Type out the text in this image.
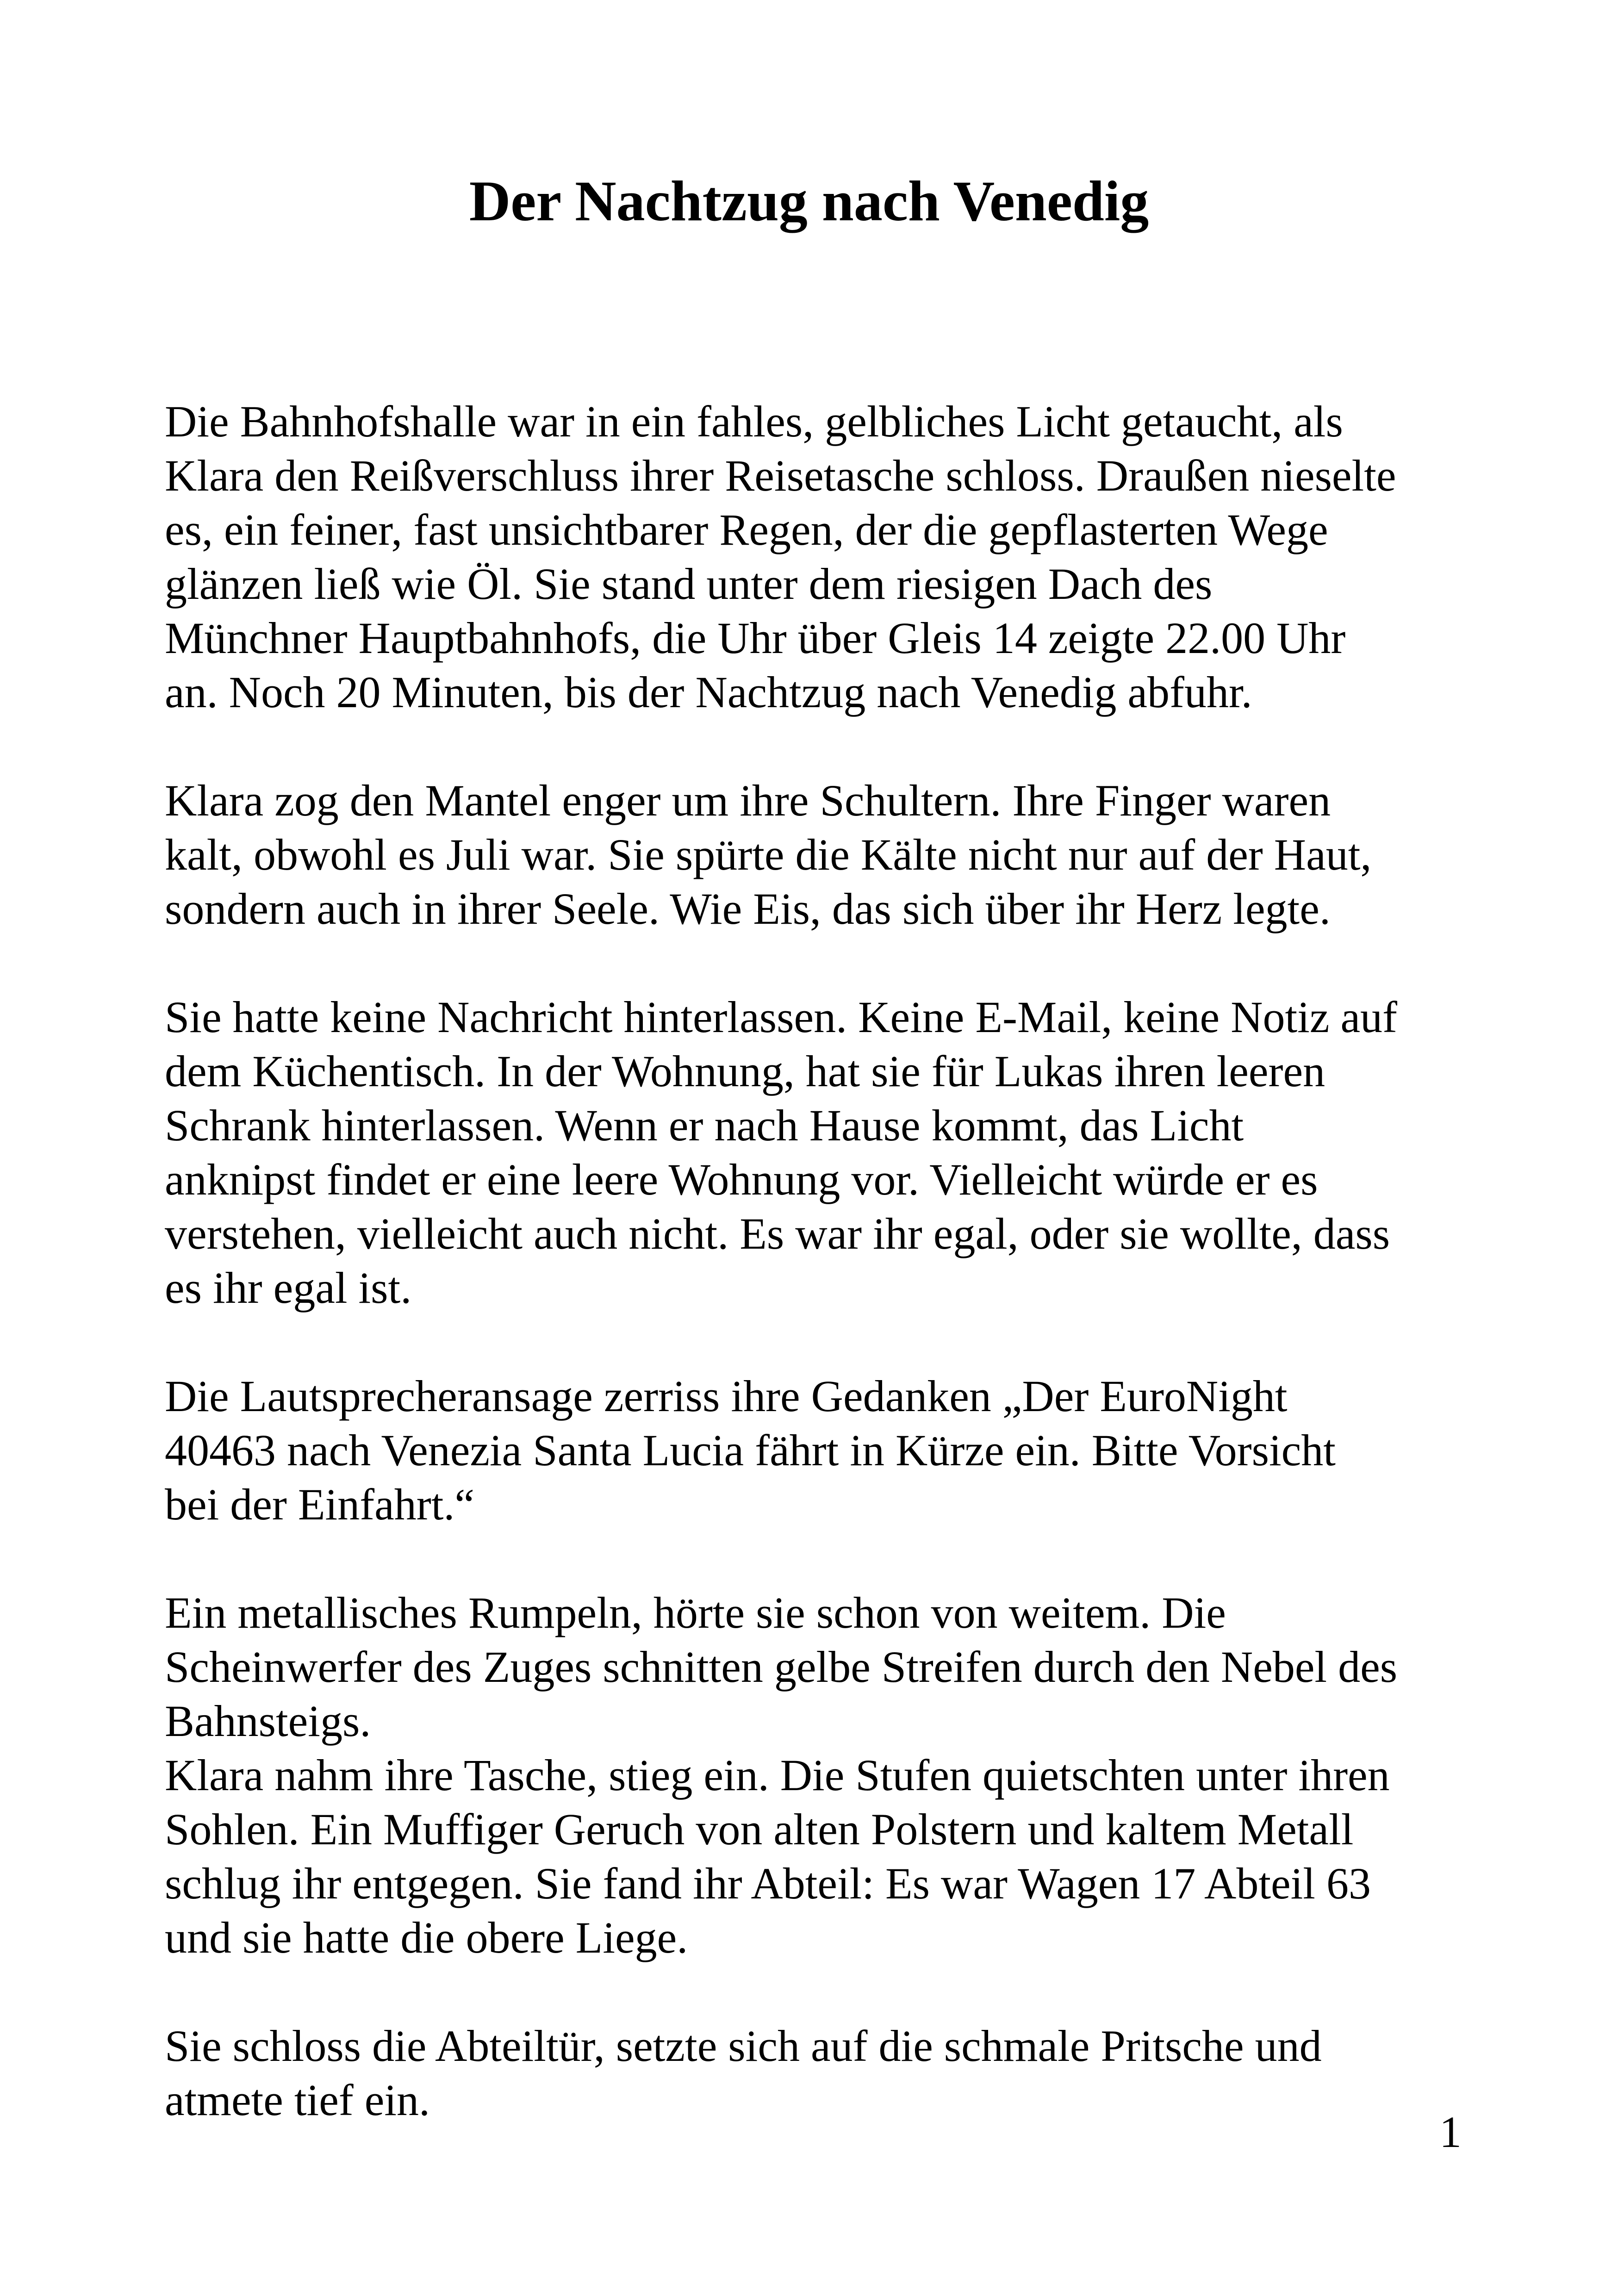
Der Nachtzug nach Venedig
Die Bahnhofshalle war in ein fahles, gelbliches Licht getaucht, als
Klara den Reißverschluss ihrer Reisetasche schloss. Draußen nieselte
es, ein feiner, fast unsichtbarer Regen, der die gepflasterten Wege
glänzen ließ wie Öl. Sie stand unter dem riesigen Dach des
Münchner Hauptbahnhofs, die Uhr über Gleis 14 zeigte 22.00 Uhr
an. Noch 20 Minuten, bis der Nachtzug nach Venedig abfuhr.
Klara zog den Mantel enger um ihre Schultern. Ihre Finger waren
kalt, obwohl es Juli war. Sie spürte die Kälte nicht nur auf der Haut,
sondern auch in ihrer Seele. Wie Eis, das sich über ihr Herz legte.
Sie hatte keine Nachricht hinterlassen. Keine E-Mail, keine Notiz auf
dem Küchentisch. In der Wohnung, hat sie für Lukas ihren leeren
Schrank hinterlassen. Wenn er nach Hause kommt, das Licht
anknipst findet er eine leere Wohnung vor. Vielleicht würde er es
verstehen, vielleicht auch nicht. Es war ihr egal, oder sie wollte, dass
es ihr egal ist.
Die Lautsprecheransage zerriss ihre Gedanken „Der EuroNight
40463 nach Venezia Santa Lucia fährt in Kürze ein. Bitte Vorsicht
bei der Einfahrt.“
Ein metallisches Rumpeln, hörte sie schon von weitem. Die
Scheinwerfer des Zuges schnitten gelbe Streifen durch den Nebel des
Bahnsteigs.
Klara nahm ihre Tasche, stieg ein. Die Stufen quietschten unter ihren
Sohlen. Ein Muffiger Geruch von alten Polstern und kaltem Metall
schlug ihr entgegen. Sie fand ihr Abteil: Es war Wagen 17 Abteil 63
und sie hatte die obere Liege.
Sie schloss die Abteiltür, setzte sich auf die schmale Pritsche und
atmete tief ein.
1
